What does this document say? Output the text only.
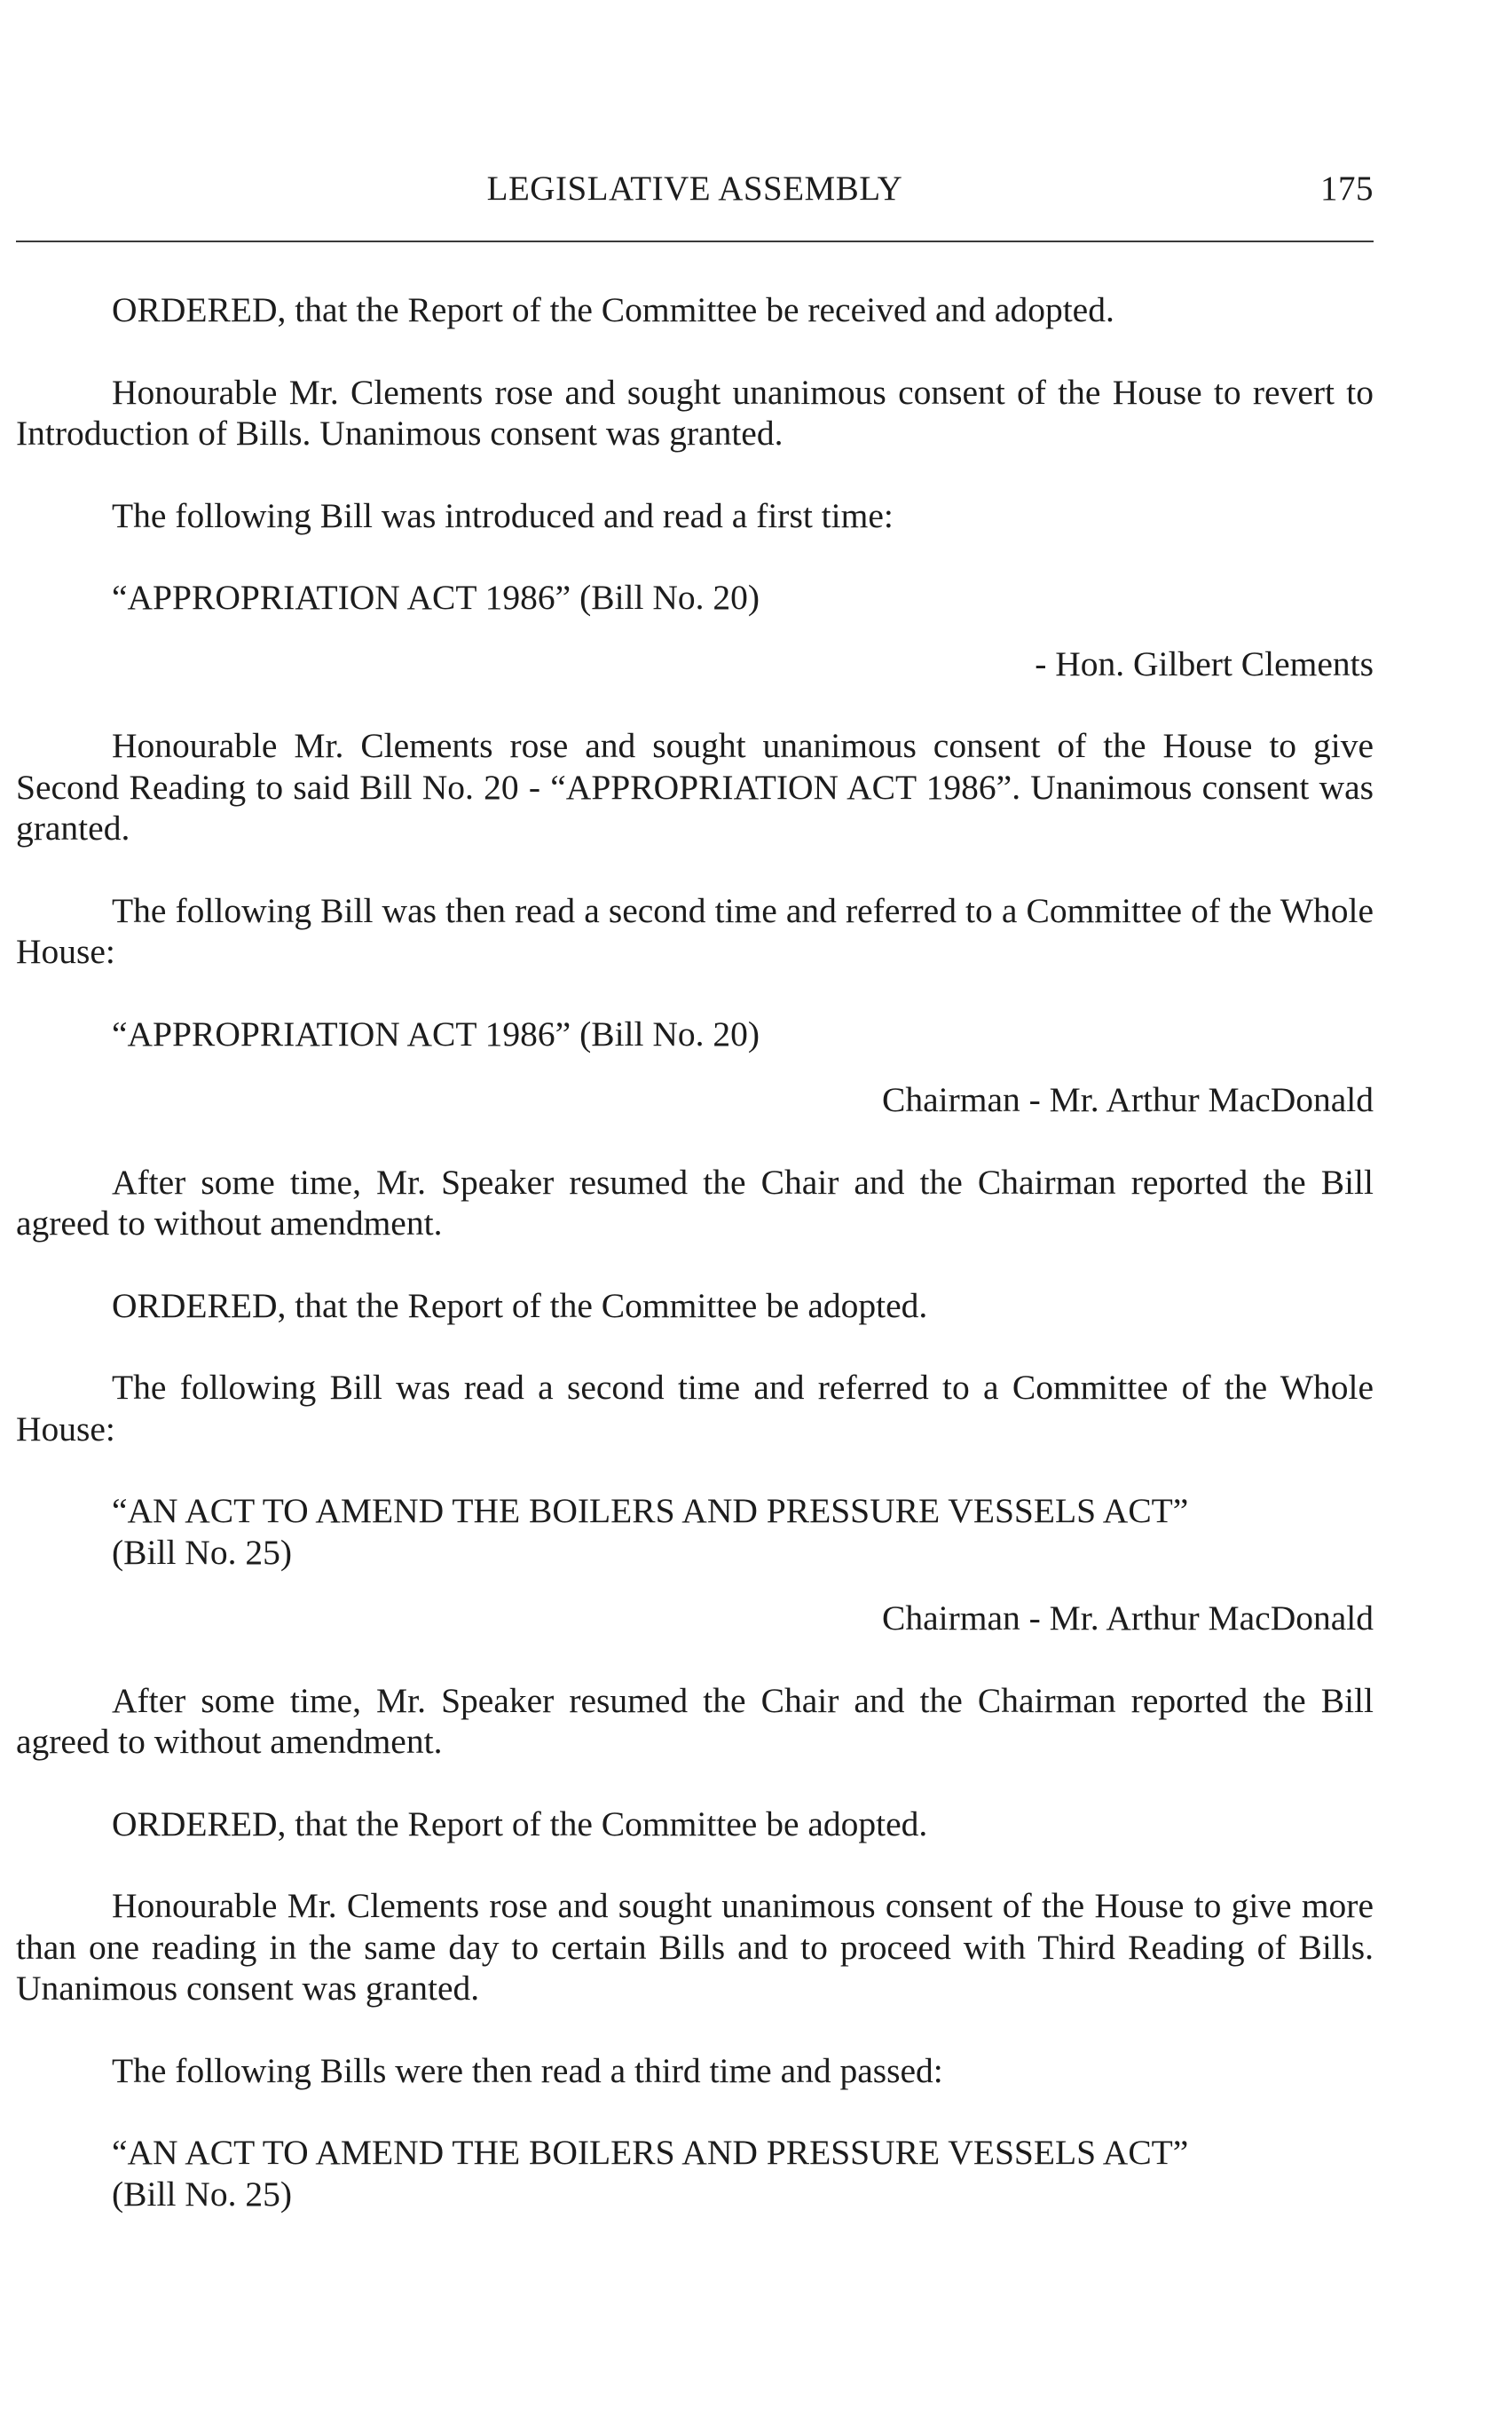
LEGISLATIVE ASSEMBLY	175

ORDERED, that the Report of the Committee be received and adopted.

Honourable Mr. Clements rose and sought unanimous consent of the House to revert to Introduction of Bills. Unanimous consent was granted.

The following Bill was introduced and read a first time:

“APPROPRIATION ACT 1986” (Bill No. 20)
- Hon. Gilbert Clements

Honourable Mr. Clements rose and sought unanimous consent of the House to give Second Reading to said Bill No. 20 - “APPROPRIATION ACT 1986”. Unanimous consent was granted.

The following Bill was then read a second time and referred to a Committee of the Whole House:

“APPROPRIATION ACT 1986” (Bill No. 20)
Chairman - Mr. Arthur MacDonald

After some time, Mr. Speaker resumed the Chair and the Chairman reported the Bill agreed to without amendment.

ORDERED, that the Report of the Committee be adopted.

The following Bill was read a second time and referred to a Committee of the Whole House:

“AN ACT TO AMEND THE BOILERS AND PRESSURE VESSELS ACT”
(Bill No. 25)
Chairman - Mr. Arthur MacDonald

After some time, Mr. Speaker resumed the Chair and the Chairman reported the Bill agreed to without amendment.

ORDERED, that the Report of the Committee be adopted.

Honourable Mr. Clements rose and sought unanimous consent of the House to give more than one reading in the same day to certain Bills and to proceed with Third Reading of Bills. Unanimous consent was granted.

The following Bills were then read a third time and passed:

“AN ACT TO AMEND THE BOILERS AND PRESSURE VESSELS ACT”
(Bill No. 25)
